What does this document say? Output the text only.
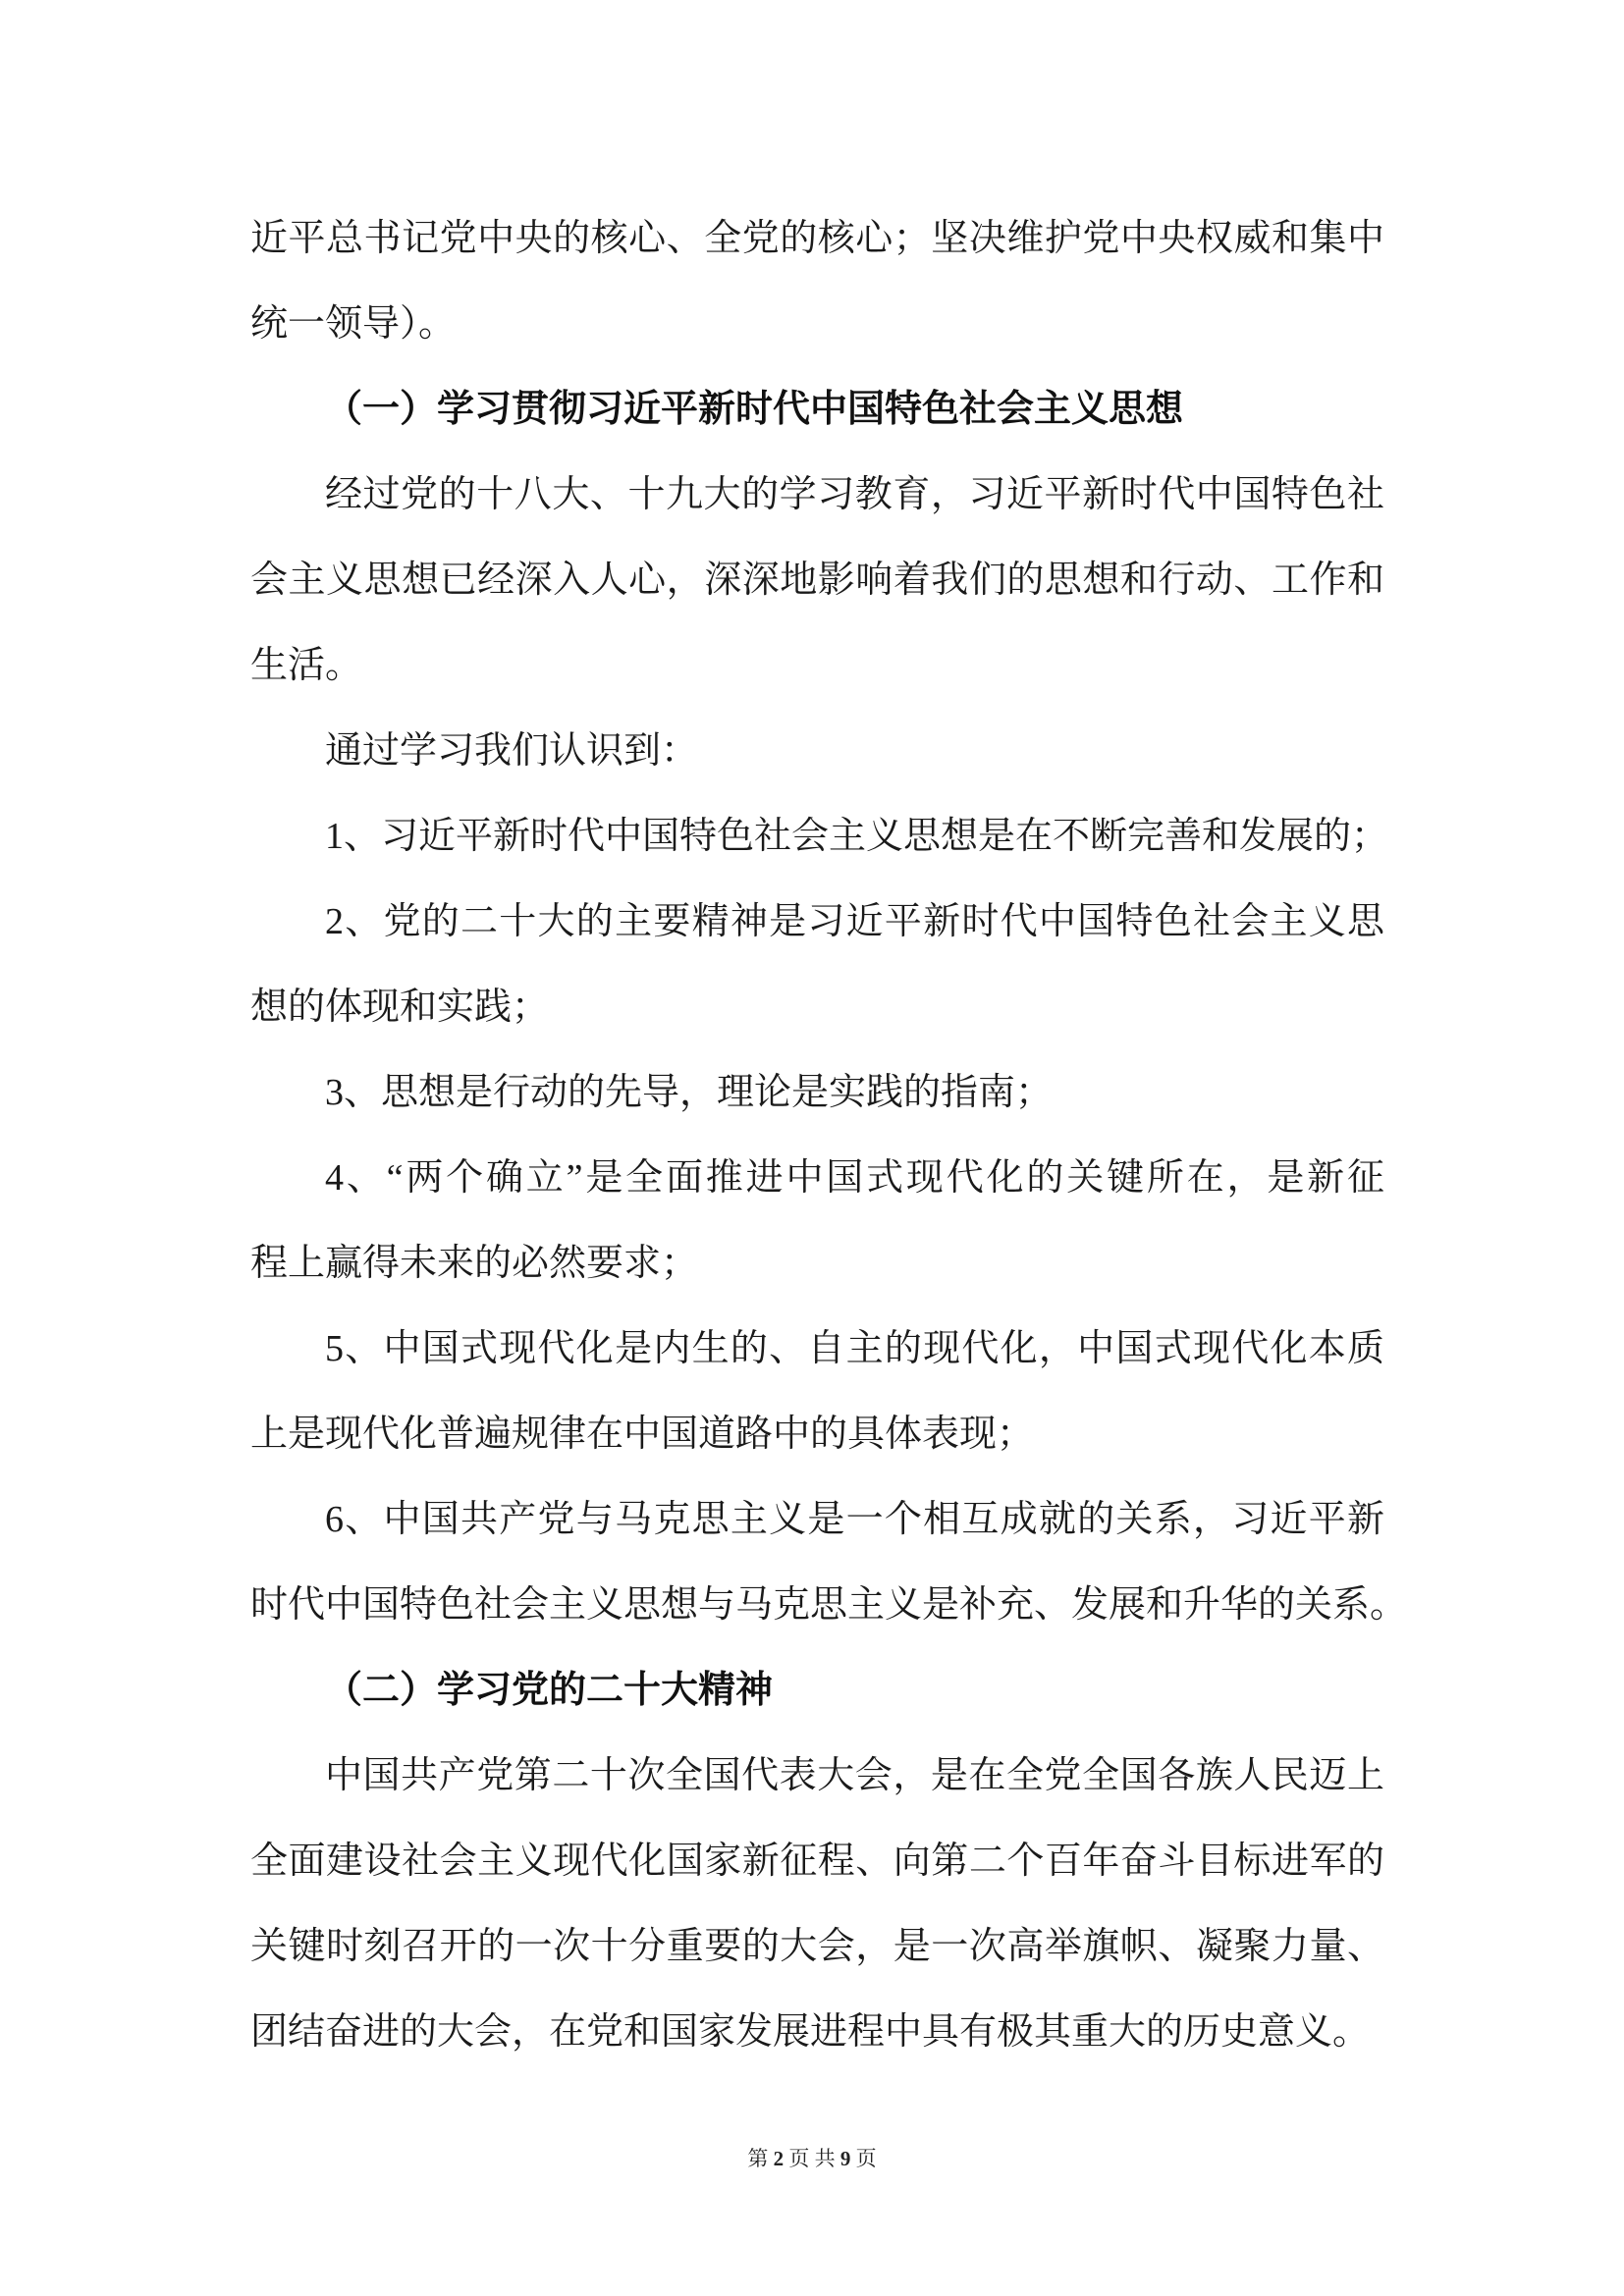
近平总书记党中央的核心、全党的核心；坚决维护党中央权威和集中
统一领导）。
（一）学习贯彻习近平新时代中国特色社会主义思想
经过党的十八大、十九大的学习教育，习近平新时代中国特色社
会主义思想已经深入人心，深深地影响着我们的思想和行动、工作和
生活。
通过学习我们认识到：
1、习近平新时代中国特色社会主义思想是在不断完善和发展的；
2、党的二十大的主要精神是习近平新时代中国特色社会主义思
想的体现和实践；
3、思想是行动的先导，理论是实践的指南；
4、“两个确立”是全面推进中国式现代化的关键所在，是新征
程上赢得未来的必然要求；
5、中国式现代化是内生的、自主的现代化，中国式现代化本质
上是现代化普遍规律在中国道路中的具体表现；
6、中国共产党与马克思主义是一个相互成就的关系，习近平新
时代中国特色社会主义思想与马克思主义是补充、发展和升华的关系。
（二）学习党的二十大精神
中国共产党第二十次全国代表大会，是在全党全国各族人民迈上
全面建设社会主义现代化国家新征程、向第二个百年奋斗目标进军的
关键时刻召开的一次十分重要的大会，是一次高举旗帜、凝聚力量、
团结奋进的大会，在党和国家发展进程中具有极其重大的历史意义。
第 2 页 共 9 页
